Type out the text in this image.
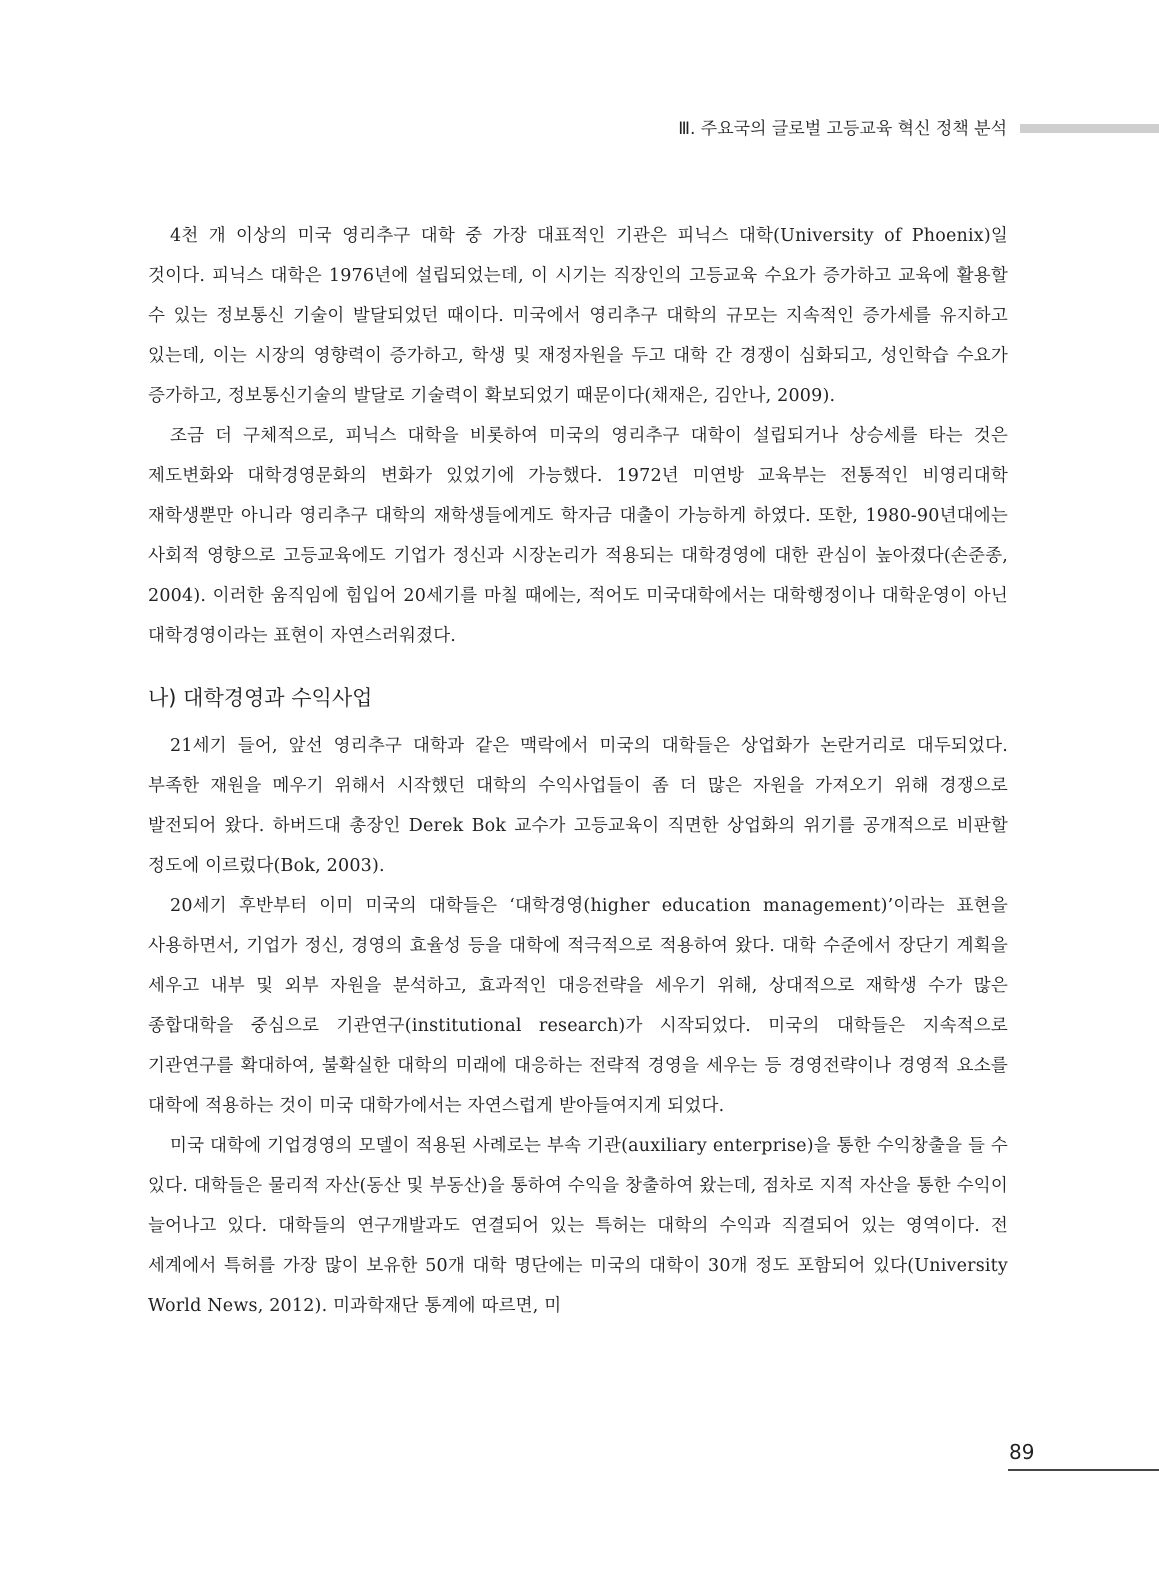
Ⅲ. 주요국의 글로벌 고등교육 혁신 정책 분석

4천 개 이상의 미국 영리추구 대학 중 가장 대표적인 기관은 피닉스 대학(University of Phoenix)일 것이다. 피닉스 대학은 1976년에 설립되었는데, 이 시기는 직장인의 고등교육 수요가 증가하고 교육에 활용할 수 있는 정보통신 기술이 발달되었던 때이다. 미국에서 영리추구 대학의 규모는 지속적인 증가세를 유지하고 있는데, 이는 시장의 영향력이 증가하고, 학생 및 재정자원을 두고 대학 간 경쟁이 심화되고, 성인학습 수요가 증가하고, 정보통신기술의 발달로 기술력이 확보되었기 때문이다(채재은, 김안나, 2009).

조금 더 구체적으로, 피닉스 대학을 비롯하여 미국의 영리추구 대학이 설립되거나 상승세를 타는 것은 제도변화와 대학경영문화의 변화가 있었기에 가능했다. 1972년 미연방 교육부는 전통적인 비영리대학 재학생뿐만 아니라 영리추구 대학의 재학생들에게도 학자금 대출이 가능하게 하였다. 또한, 1980-90년대에는 사회적 영향으로 고등교육에도 기업가 정신과 시장논리가 적용되는 대학경영에 대한 관심이 높아졌다(손준종, 2004). 이러한 움직임에 힘입어 20세기를 마칠 때에는, 적어도 미국대학에서는 대학행정이나 대학운영이 아닌 대학경영이라는 표현이 자연스러워졌다.

나) 대학경영과 수익사업

21세기 들어, 앞선 영리추구 대학과 같은 맥락에서 미국의 대학들은 상업화가 논란거리로 대두되었다. 부족한 재원을 메우기 위해서 시작했던 대학의 수익사업들이 좀 더 많은 자원을 가져오기 위해 경쟁으로 발전되어 왔다. 하버드대 총장인 Derek Bok 교수가 고등교육이 직면한 상업화의 위기를 공개적으로 비판할 정도에 이르렀다(Bok, 2003).

20세기 후반부터 이미 미국의 대학들은 ‘대학경영(higher education management)’이라는 표현을 사용하면서, 기업가 정신, 경영의 효율성 등을 대학에 적극적으로 적용하여 왔다. 대학 수준에서 장단기 계획을 세우고 내부 및 외부 자원을 분석하고, 효과적인 대응전략을 세우기 위해, 상대적으로 재학생 수가 많은 종합대학을 중심으로 기관연구(institutional research)가 시작되었다. 미국의 대학들은 지속적으로 기관연구를 확대하여, 불확실한 대학의 미래에 대응하는 전략적 경영을 세우는 등 경영전략이나 경영적 요소를 대학에 적용하는 것이 미국 대학가에서는 자연스럽게 받아들여지게 되었다.

미국 대학에 기업경영의 모델이 적용된 사례로는 부속 기관(auxiliary enterprise)을 통한 수익창출을 들 수 있다. 대학들은 물리적 자산(동산 및 부동산)을 통하여 수익을 창출하여 왔는데, 점차로 지적 자산을 통한 수익이 늘어나고 있다. 대학들의 연구개발과도 연결되어 있는 특허는 대학의 수익과 직결되어 있는 영역이다. 전 세계에서 특허를 가장 많이 보유한 50개 대학 명단에는 미국의 대학이 30개 정도 포함되어 있다(University World News, 2012). 미과학재단 통계에 따르면, 미

89
